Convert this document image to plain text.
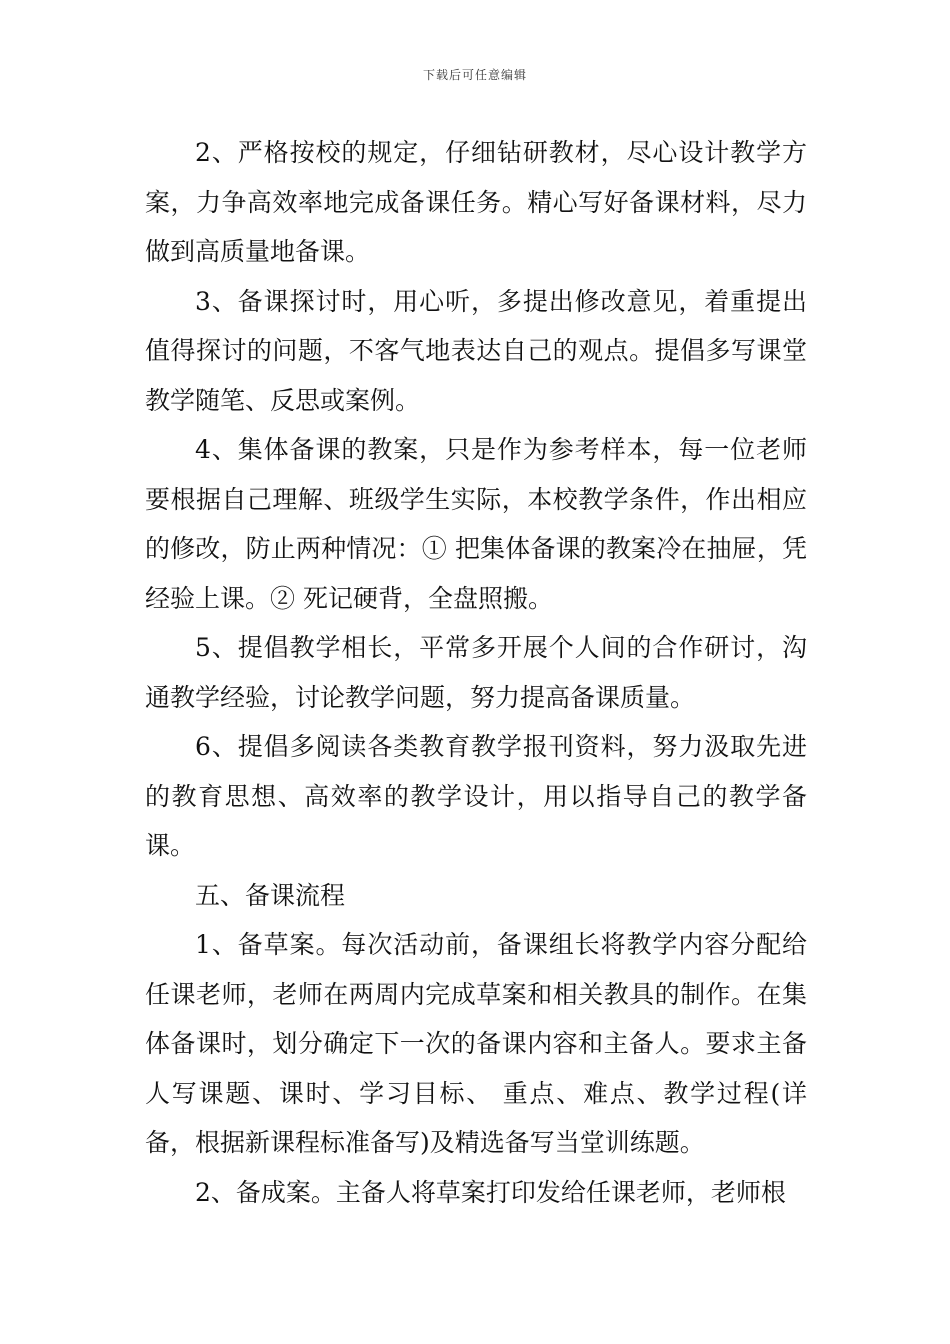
下载后可任意编辑

2、严格按校的规定，仔细钻研教材，尽心设计教学方案，力争高效率地完成备课任务。精心写好备课材料，尽力做到高质量地备课。

3、备课探讨时，用心听，多提出修改意见，着重提出值得探讨的问题，不客气地表达自己的观点。提倡多写课堂教学随笔、反思或案例。

4、集体备课的教案，只是作为参考样本，每一位老师要根据自己理解、班级学生实际，本校教学条件，作出相应的修改，防止两种情况：① 把集体备课的教案冷在抽屉，凭经验上课。② 死记硬背，全盘照搬。

5、提倡教学相长，平常多开展个人间的合作研讨，沟通教学经验，讨论教学问题，努力提高备课质量。

6、提倡多阅读各类教育教学报刊资料，努力汲取先进的教育思想、高效率的教学设计，用以指导自己的教学备课。

五、备课流程

1、备草案。每次活动前，备课组长将教学内容分配给任课老师，老师在两周内完成草案和相关教具的制作。在集体备课时，划分确定下一次的备课内容和主备人。要求主备人写课题、课时、学习目标、 重点、难点、教学过程(详备，根据新课程标准备写)及精选备写当堂训练题。

2、备成案。主备人将草案打印发给任课老师，老师根
